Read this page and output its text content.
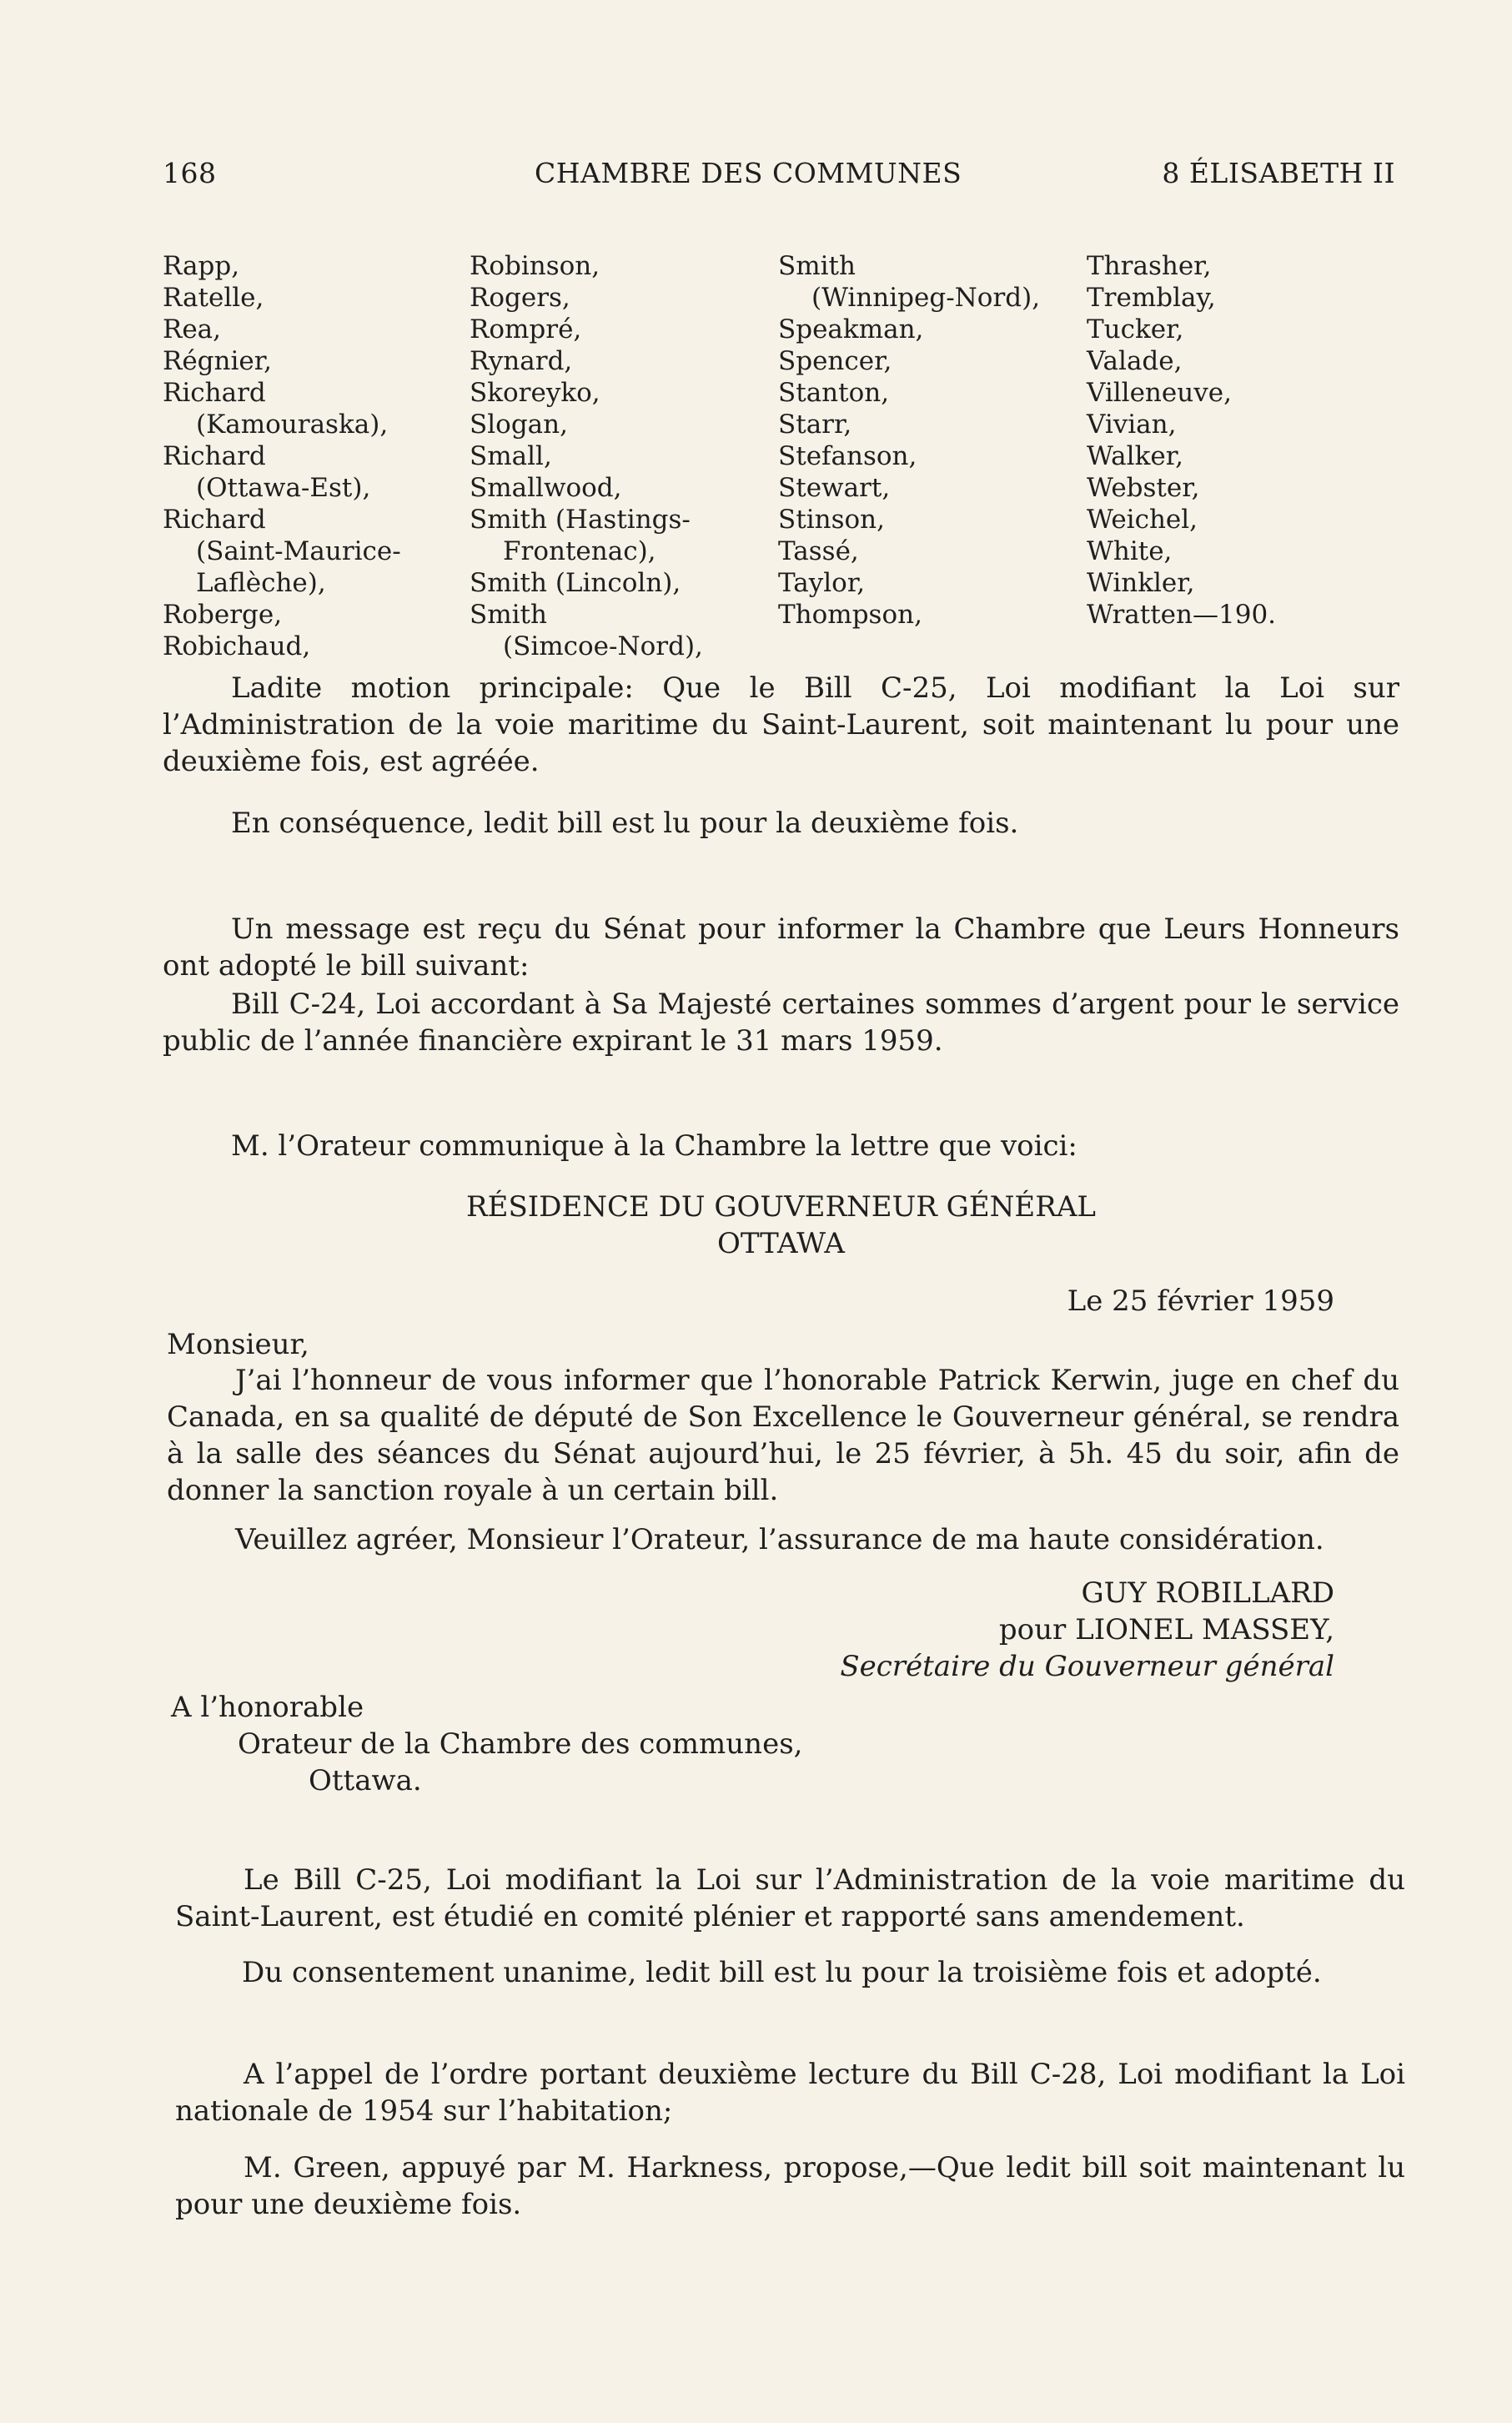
168	CHAMBRE DES COMMUNES	8 ÉLISABETH II
Rapp,
Ratelle,
Rea,
Régnier,
Richard
(Kamouraska),
Richard
(Ottawa-Est),
Richard
(Saint-Maurice-
Laflèche),
Roberge,
Robichaud,
Robinson,
Rogers,
Rompré,
Rynard,
Skoreyko,
Slogan,
Small,
Smallwood,
Smith (Hastings-
Frontenac),
Smith (Lincoln),
Smith
(Simcoe-Nord),
Smith
(Winnipeg-Nord),
Speakman,
Spencer,
Stanton,
Starr,
Stefanson,
Stewart,
Stinson,
Tassé,
Taylor,
Thompson,
Thrasher,
Tremblay,
Tucker,
Valade,
Villeneuve,
Vivian,
Walker,
Webster,
Weichel,
White,
Winkler,
Wratten—190.
Ladite motion principale: Que le Bill C-25, Loi modifiant la Loi sur l’Administration de la voie maritime du Saint-Laurent, soit maintenant lu pour une deuxième fois, est agréée.
En conséquence, ledit bill est lu pour la deuxième fois.
Un message est reçu du Sénat pour informer la Chambre que Leurs Honneurs ont adopté le bill suivant:
Bill C-24, Loi accordant à Sa Majesté certaines sommes d’argent pour le service public de l’année financière expirant le 31 mars 1959.
M. l’Orateur communique à la Chambre la lettre que voici:
RÉSIDENCE DU GOUVERNEUR GÉNÉRAL
OTTAWA
Le 25 février 1959
Monsieur,
J’ai l’honneur de vous informer que l’honorable Patrick Kerwin, juge en chef du Canada, en sa qualité de député de Son Excellence le Gouverneur général, se rendra à la salle des séances du Sénat aujourd’hui, le 25 février, à 5h. 45 du soir, afin de donner la sanction royale à un certain bill.
Veuillez agréer, Monsieur l’Orateur, l’assurance de ma haute considération.
GUY ROBILLARD
pour LIONEL MASSEY,
Secrétaire du Gouverneur général
A l’honorable
Orateur de la Chambre des communes,
Ottawa.
Le Bill C-25, Loi modifiant la Loi sur l’Administration de la voie maritime du Saint-Laurent, est étudié en comité plénier et rapporté sans amendement.
Du consentement unanime, ledit bill est lu pour la troisième fois et adopté.
A l’appel de l’ordre portant deuxième lecture du Bill C-28, Loi modifiant la Loi nationale de 1954 sur l’habitation;
M. Green, appuyé par M. Harkness, propose,—Que ledit bill soit maintenant lu pour une deuxième fois.
